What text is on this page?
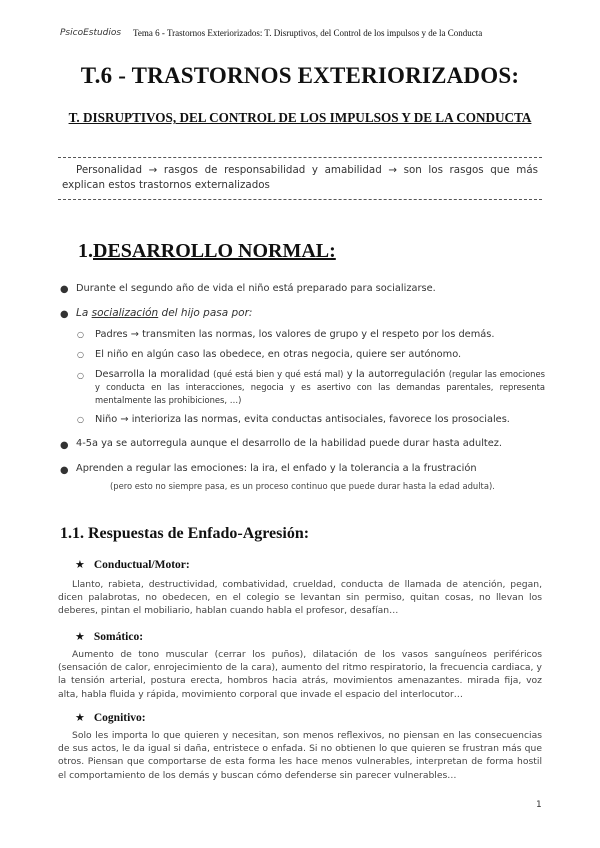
PsicoEstudios Tema 6 - Trastornos Exteriorizados: T. Disruptivos, del Control de los impulsos y de la Conducta
T.6 - TRASTORNOS EXTERIORIZADOS:
T. DISRUPTIVOS, DEL CONTROL DE LOS IMPULSOS Y DE LA CONDUCTA
Personalidad → rasgos de responsabilidad y amabilidad → son los rasgos que más explican estos trastornos externalizados
1.DESARROLLO NORMAL:
● Durante el segundo año de vida el niño está preparado para socializarse.
● La socialización del hijo pasa por:
○ Padres → transmiten las normas, los valores de grupo y el respeto por los demás.
○ El niño en algún caso las obedece, en otras negocia, quiere ser autónomo.
○ Desarrolla la moralidad (qué está bien y qué está mal) y la autorregulación (regular las emociones y conducta en las interacciones, negocia y es asertivo con las demandas parentales, representa mentalmente las prohibiciones, …)
○ Niño → interioriza las normas, evita conductas antisociales, favorece los prosociales.
● 4-5a ya se autorregula aunque el desarrollo de la habilidad puede durar hasta adultez.
● Aprenden a regular las emociones: la ira, el enfado y la tolerancia a la frustración
(pero esto no siempre pasa, es un proceso continuo que puede durar hasta la edad adulta).
1.1. Respuestas de Enfado-Agresión:
★ Conductual/Motor:
Llanto, rabieta, destructividad, combatividad, crueldad, conducta de llamada de atención, pegan, dicen palabrotas, no obedecen, en el colegio se levantan sin permiso, quitan cosas, no llevan los deberes, pintan el mobiliario, hablan cuando habla el profesor, desafían…
★ Somático:
Aumento de tono muscular (cerrar los puños), dilatación de los vasos sanguíneos periféricos (sensación de calor, enrojecimiento de la cara), aumento del ritmo respiratorio, la frecuencia cardiaca, y la tensión arterial, postura erecta, hombros hacia atrás, movimientos amenazantes. mirada fija, voz alta, habla fluida y rápida, movimiento corporal que invade el espacio del interlocutor…
★ Cognitivo:
Solo les importa lo que quieren y necesitan, son menos reflexivos, no piensan en las consecuencias de sus actos, le da igual si daña, entristece o enfada. Si no obtienen lo que quieren se frustran más que otros. Piensan que comportarse de esta forma les hace menos vulnerables, interpretan de forma hostil el comportamiento de los demás y buscan cómo defenderse sin parecer vulnerables…
1
